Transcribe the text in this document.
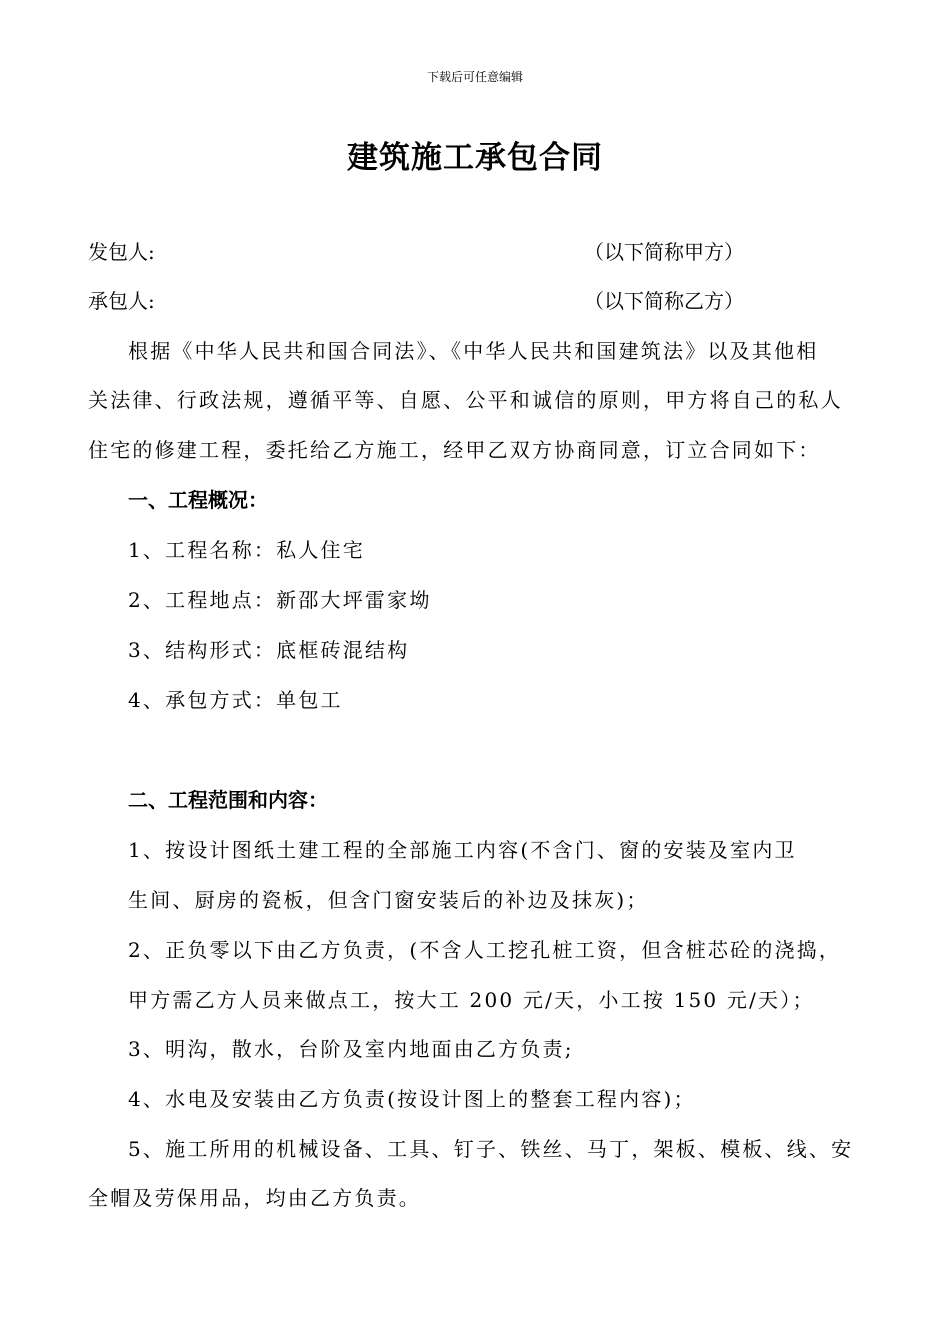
下载后可任意编辑
建筑施工承包合同
发包人:	（以下简称甲方）
承包人:	（以下简称乙方）
根据《中华人民共和国合同法》、《中华人民共和国建筑法》以及其他相
关法律、行政法规，遵循平等、自愿、公平和诚信的原则，甲方将自己的私人
住宅的修建工程，委托给乙方施工，经甲乙双方协商同意，订立合同如下：
一、工程概况：
1、工程名称：私人住宅
2、工程地点：新邵大坪雷家坳
3、结构形式：底框砖混结构
4、承包方式：单包工
二、工程范围和内容：
1、按设计图纸土建工程的全部施工内容(不含门、窗的安装及室内卫
生间、厨房的瓷板，但含门窗安装后的补边及抹灰)；
2、正负零以下由乙方负责，(不含人工挖孔桩工资，但含桩芯砼的浇捣，
甲方需乙方人员来做点工，按大工 200 元/天，小工按 150 元/天）；
3、明沟，散水，台阶及室内地面由乙方负责;
4、水电及安装由乙方负责(按设计图上的整套工程内容)；
5、施工所用的机械设备、工具、钉子、铁丝、马丁，架板、模板、线、安
全帽及劳保用品，均由乙方负责。
